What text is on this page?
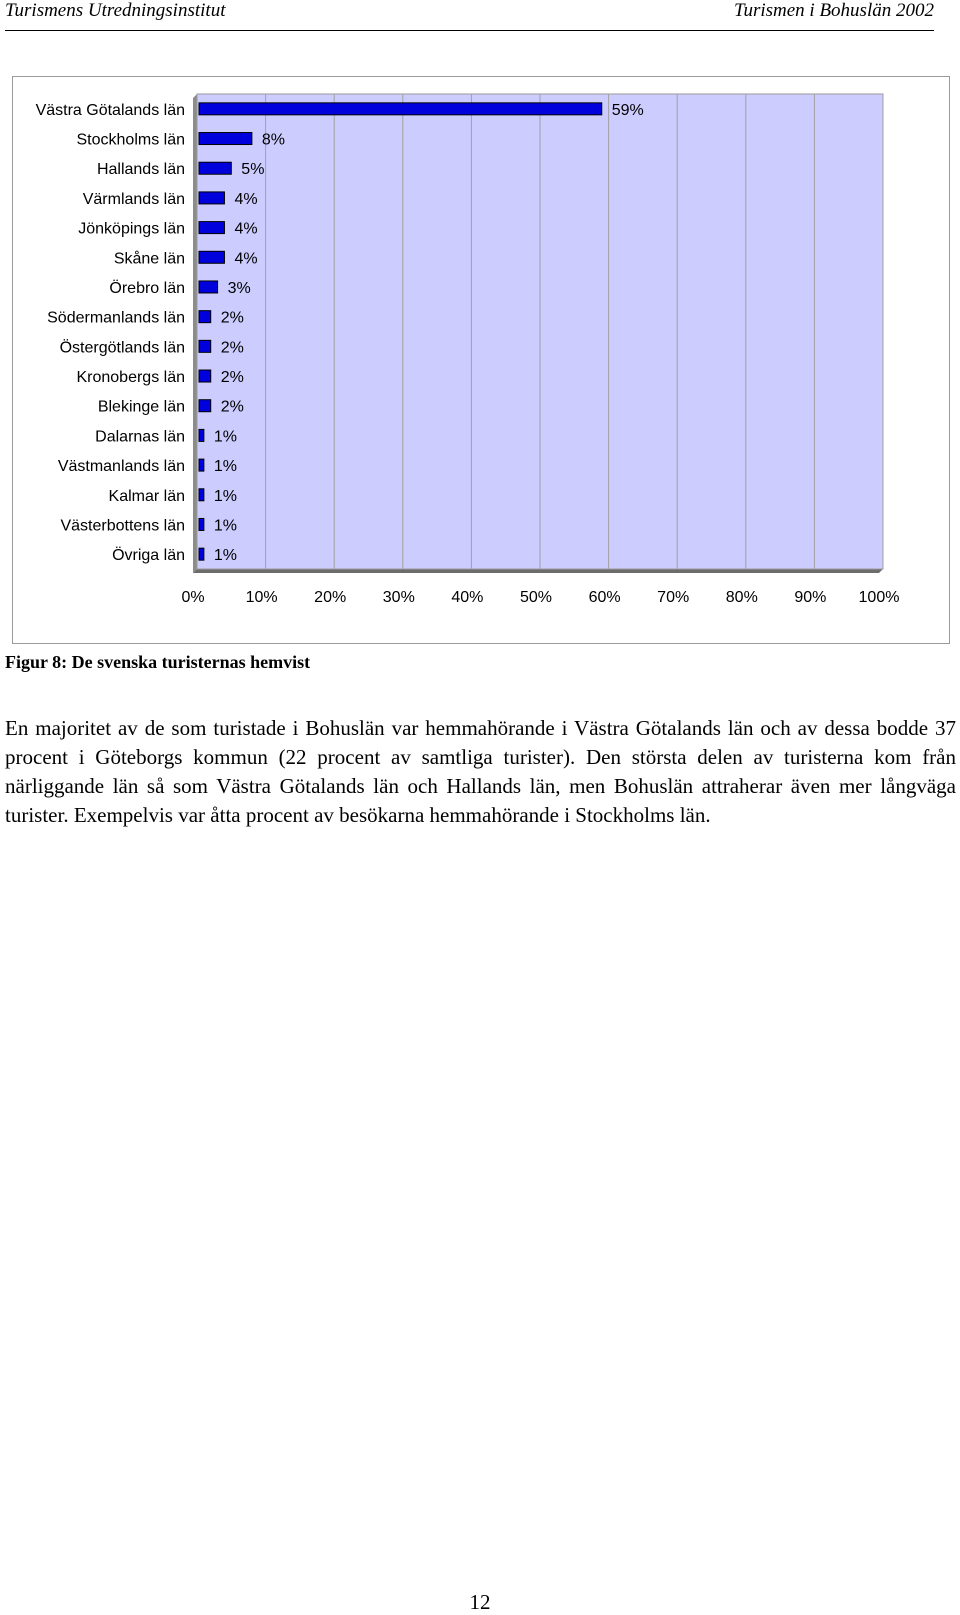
Turismens Utredningsinstitut	Turismen i Bohuslän 2002
0%	10% 20% 30% 40% 50% 60% 70% 80% 90% 100%
Västra Götalands län	59%
Stockholms län	8%
Hallands län	5%
Värmlands län	4%
Jönköpings län	4%
Skåne län	4%
Örebro län	3%
Södermanlands län 2%
Östergötlands län 2%
Kronobergs län 2%
Blekinge län 2%
Dalarnas län 1%
Västmanlands län 1%
Kalmar län 1%
Västerbottens län 1%
Övriga län 1%
Figur 8: De svenska turisternas hemvist
En majoritet av de som turistade i Bohuslän var hemmahörande i Västra Götalands län och av dessa bodde 37 procent i Göteborgs kommun (22 procent av samtliga turister). Den största delen av turisterna kom från närliggande län så som Västra Götalands län och Hallands län, men Bohuslän attraherar även mer långväga turister. Exempelvis var åtta procent av besökarna hemmahörande i Stockholms län.
12
